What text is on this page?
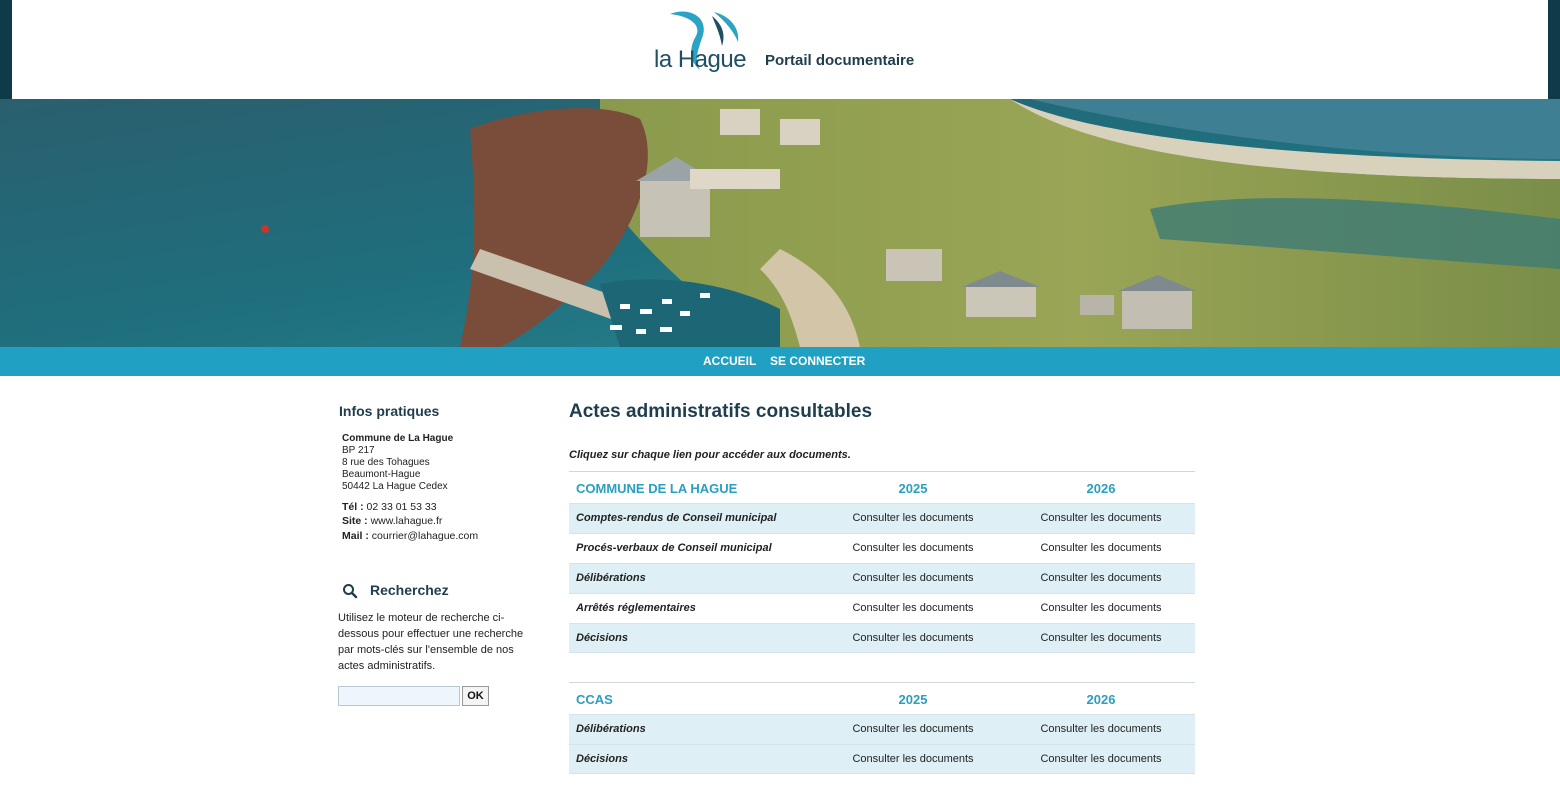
la Hague Portail documentaire
ACCUEIL SE CONNECTER
Infos pratiques
Commune de La Hague
BP 217
8 rue des Tohagues
Beaumont-Hague
50442 La Hague Cedex
Tél : 02 33 01 53 33
Site : www.lahague.fr
Mail : courrier@lahague.com
Recherchez
Utilisez le moteur de recherche ci-dessous pour effectuer une recherche par mots-clés sur l'ensemble de nos actes administratifs.
OK
Actes administratifs consultables
Cliquez sur chaque lien pour accéder aux documents.
COMMUNE DE LA HAGUE	2025	2026
Comptes-rendus de Conseil municipal	Consulter les documents	Consulter les documents
Procés-verbaux de Conseil municipal	Consulter les documents	Consulter les documents
Délibérations	Consulter les documents	Consulter les documents
Arrêtés réglementaires	Consulter les documents	Consulter les documents
Décisions	Consulter les documents	Consulter les documents
CCAS	2025	2026
Délibérations	Consulter les documents	Consulter les documents
Décisions	Consulter les documents	Consulter les documents
